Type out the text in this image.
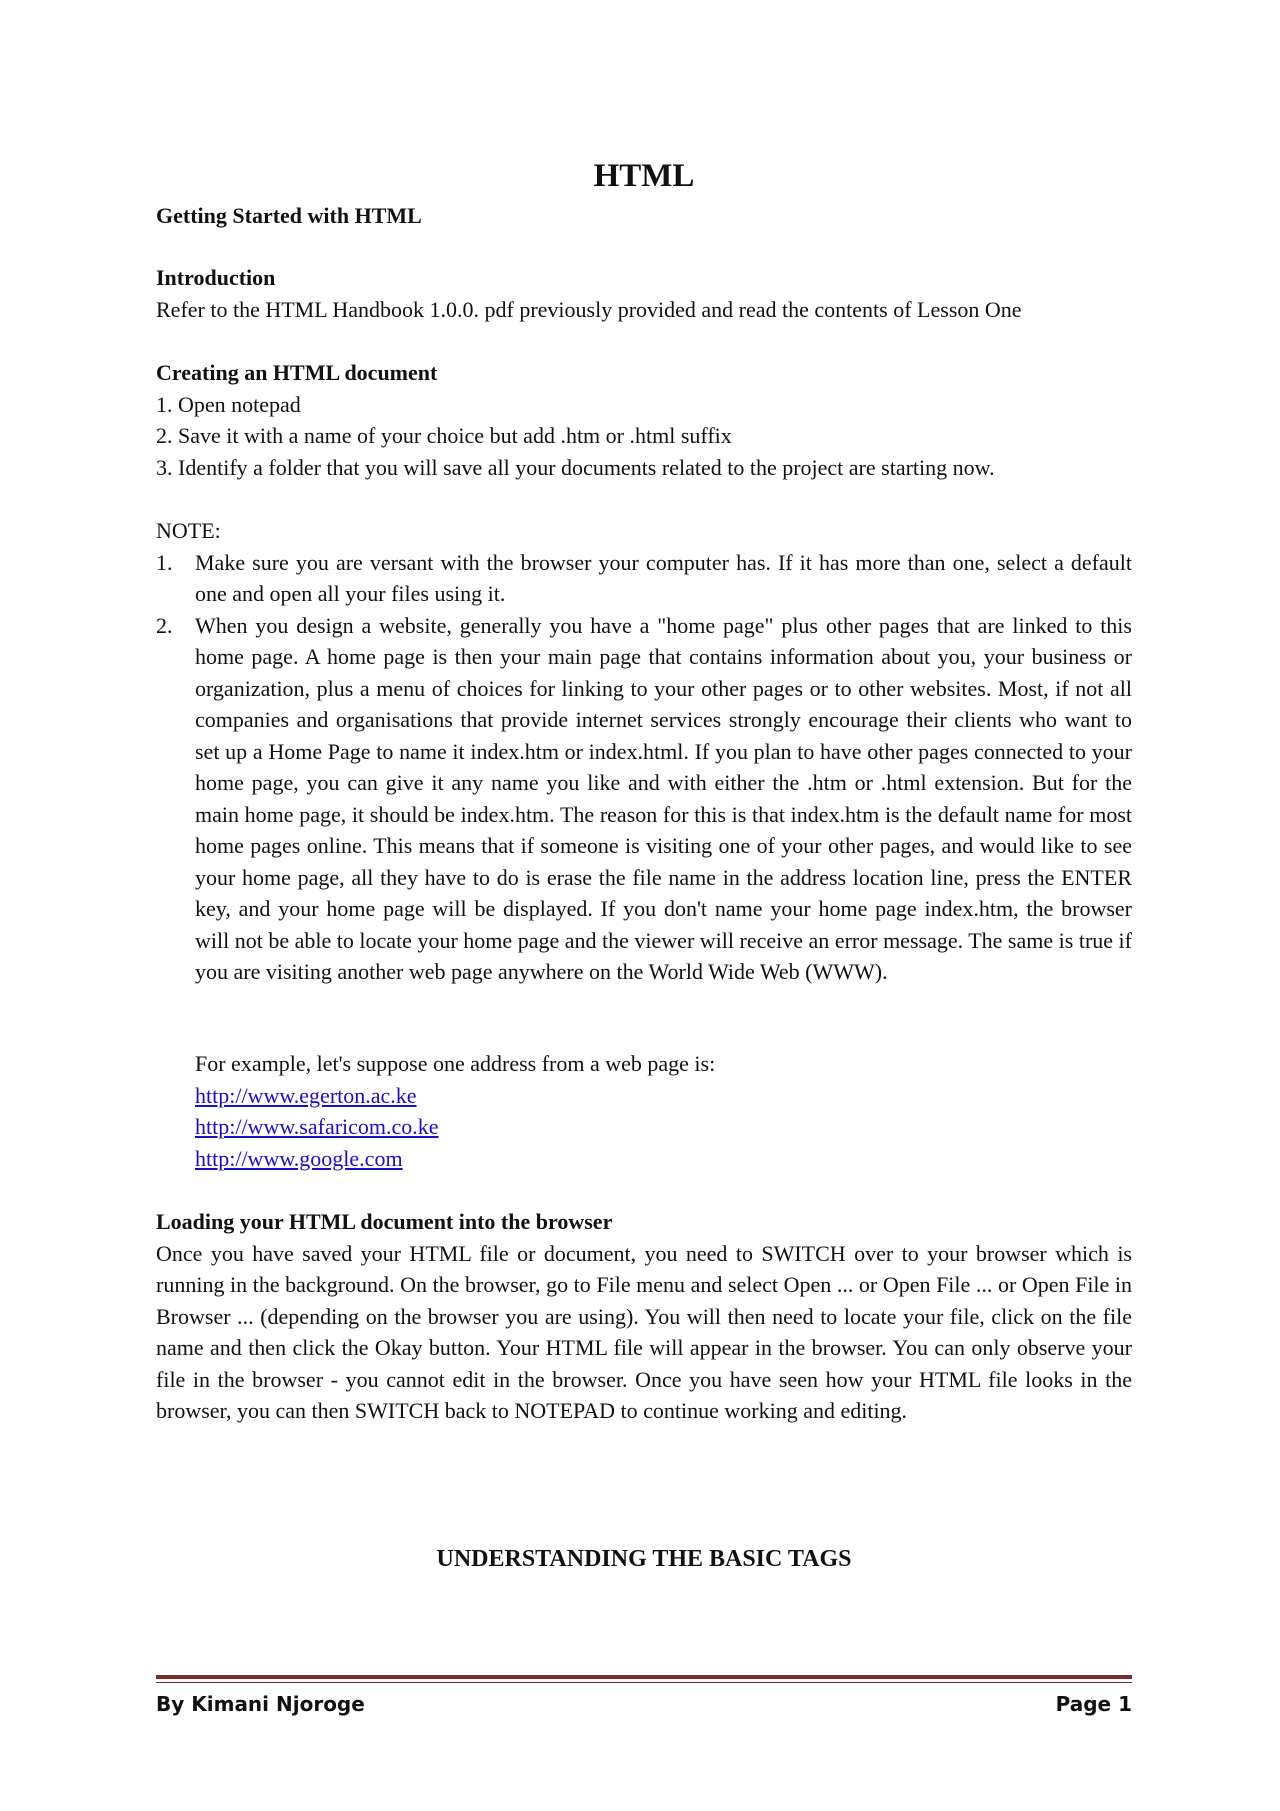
HTML

Getting Started with HTML

Introduction

Refer to the HTML Handbook 1.0.0. pdf previously provided and read the contents of Lesson One

Creating an HTML document

1. Open notepad

2. Save it with a name of your choice but add .htm or .html suffix

3. Identify a folder that you will save all your documents related to the project are starting now.

NOTE:

1. Make sure you are versant with the browser your computer has. If it has more than one, select a default one and open all your files using it.
2. When you design a website, generally you have a "home page" plus other pages that are linked to this home page. A home page is then your main page that contains information about you, your business or organization, plus a menu of choices for linking to your other pages or to other websites. Most, if not all companies and organisations that provide internet services strongly encourage their clients who want to set up a Home Page to name it index.htm or index.html. If you plan to have other pages connected to your home page, you can give it any name you like and with either the .htm or .html extension. But for the main home page, it should be index.htm. The reason for this is that index.htm is the default name for most home pages online. This means that if someone is visiting one of your other pages, and would like to see your home page, all they have to do is erase the file name in the address location line, press the ENTER key, and your home page will be displayed. If you don't name your home page index.htm, the browser will not be able to locate your home page and the viewer will receive an error message. The same is true if you are visiting another web page anywhere on the World Wide Web (WWW).

For example, let's suppose one address from a web page is:

http://www.egerton.ac.ke
http://www.safaricom.co.ke
http://www.google.com

Loading your HTML document into the browser

Once you have saved your HTML file or document, you need to SWITCH over to your browser which is running in the background. On the browser, go to File menu and select Open ... or Open File ... or Open File in Browser ... (depending on the browser you are using). You will then need to locate your file, click on the file name and then click the Okay button. Your HTML file will appear in the browser. You can only observe your file in the browser - you cannot edit in the browser. Once you have seen how your HTML file looks in the browser, you can then SWITCH back to NOTEPAD to continue working and editing.

UNDERSTANDING THE BASIC TAGS
By Kimani Njoroge	Page 1
